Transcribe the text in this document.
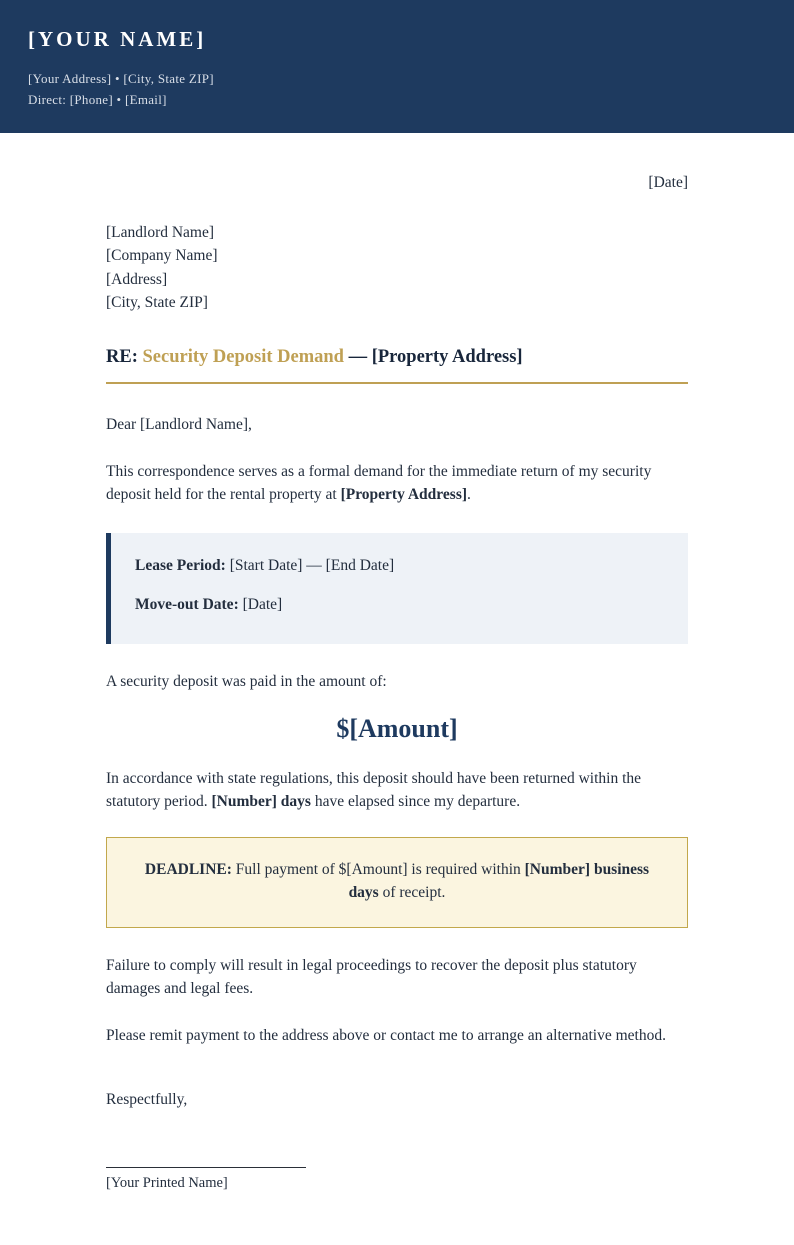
[YOUR NAME]
[Your Address] • [City, State ZIP]
Direct: [Phone] • [Email]
[Date]
[Landlord Name]
[Company Name]
[Address]
[City, State ZIP]
RE: Security Deposit Demand — [Property Address]
Dear [Landlord Name],
This correspondence serves as a formal demand for the immediate return of my security deposit held for the rental property at [Property Address].
Lease Period: [Start Date] — [End Date]
Move-out Date: [Date]
A security deposit was paid in the amount of:
$[Amount]
In accordance with state regulations, this deposit should have been returned within the statutory period. [Number] days have elapsed since my departure.
DEADLINE: Full payment of $[Amount] is required within [Number] business days of receipt.
Failure to comply will result in legal proceedings to recover the deposit plus statutory damages and legal fees.
Please remit payment to the address above or contact me to arrange an alternative method.
Respectfully,
[Your Printed Name]
